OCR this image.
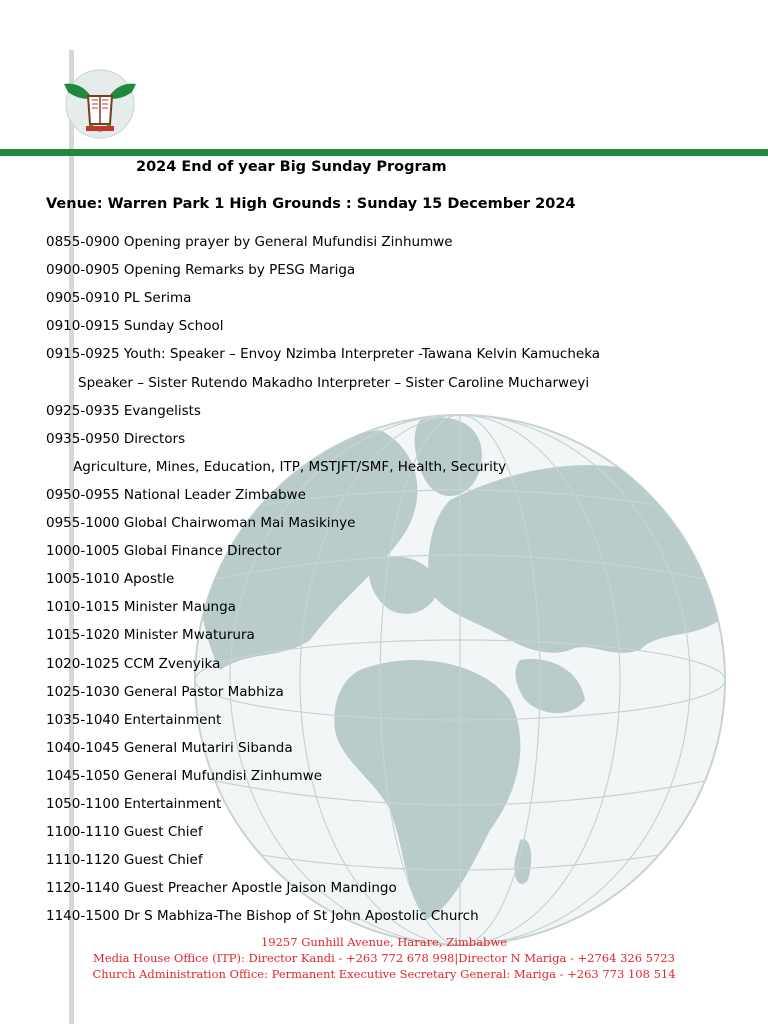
2024 End of year Big Sunday Program
Venue: Warren Park 1 High Grounds : Sunday 15 December 2024
0855-0900 Opening prayer by General Mufundisi Zinhumwe
0900-0905 Opening Remarks by PESG Mariga
0905-0910 PL Serima
0910-0915 Sunday School
0915-0925 Youth: Speaker – Envoy Nzimba Interpreter -Tawana Kelvin Kamucheka
Speaker – Sister Rutendo Makadho Interpreter – Sister Caroline Mucharweyi
0925-0935 Evangelists
0935-0950 Directors
Agriculture, Mines, Education, ITP, MSTJFT/SMF, Health, Security
0950-0955 National Leader Zimbabwe
0955-1000 Global Chairwoman Mai Masikinye
1000-1005 Global Finance Director
1005-1010 Apostle
1010-1015 Minister Maunga
1015-1020 Minister Mwaturura
1020-1025 CCM Zvenyika
1025-1030 General Pastor Mabhiza
1035-1040 Entertainment
1040-1045 General Mutariri Sibanda
1045-1050 General Mufundisi Zinhumwe
1050-1100 Entertainment
1100-1110 Guest Chief
1110-1120 Guest Chief
1120-1140 Guest Preacher Apostle Jaison Mandingo
1140-1500 Dr S Mabhiza-The Bishop of St John Apostolic Church
19257 Gunhill Avenue, Harare, Zimbabwe
Media House Office (ITP): Director Kandi - +263 772 678 998|Director N Mariga - +2764 326 5723
Church Administration Office: Permanent Executive Secretary General: Mariga - +263 773 108 514
